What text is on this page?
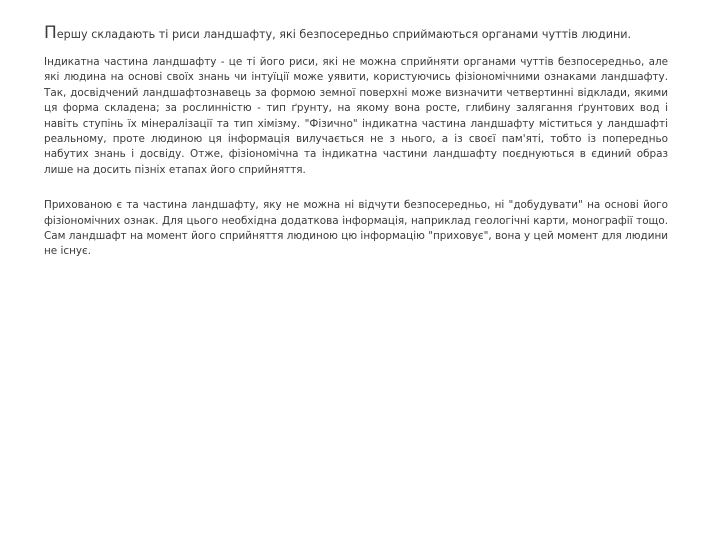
Першу складають ті риси ландшафту, які безпосередньо сприймаються органами чуттів людини.

Індикатна частина ландшафту - це ті його риси, які не можна сприйняти органами чуттів безпосередньо, але які людина на основі своїх знань чи інтуїції може уявити, користуючись фізіономічними ознаками ландшафту. Так, досвідчений ландшафтознавець за формою земної поверхні може визначити четвертинні відклади, якими ця форма складена; за рослинністю - тип ґрунту, на якому вона росте, глибину залягання ґрунтових вод і навіть ступінь їх мінералізації та тип хімізму. "Фізично" індикатна частина ландшафту міститься у ландшафті реальному, проте людиною ця інформація вилучається не з нього, а із своєї пам'яті, тобто із попередньо набутих знань і досвіду. Отже, фізіономічна та індикатна частини ландшафту поєднуються в єдиний образ лише на досить пізніх етапах його сприйняття.

Прихованою є та частина ландшафту, яку не можна ні відчути безпосередньо, ні "добудувати" на основі його фізіономічних ознак. Для цього необхідна додаткова інформація, наприклад геологічні карти, монографії тощо. Сам ландшафт на момент його сприйняття людиною цю інформацію "приховує", вона у цей момент для людини не існує.
